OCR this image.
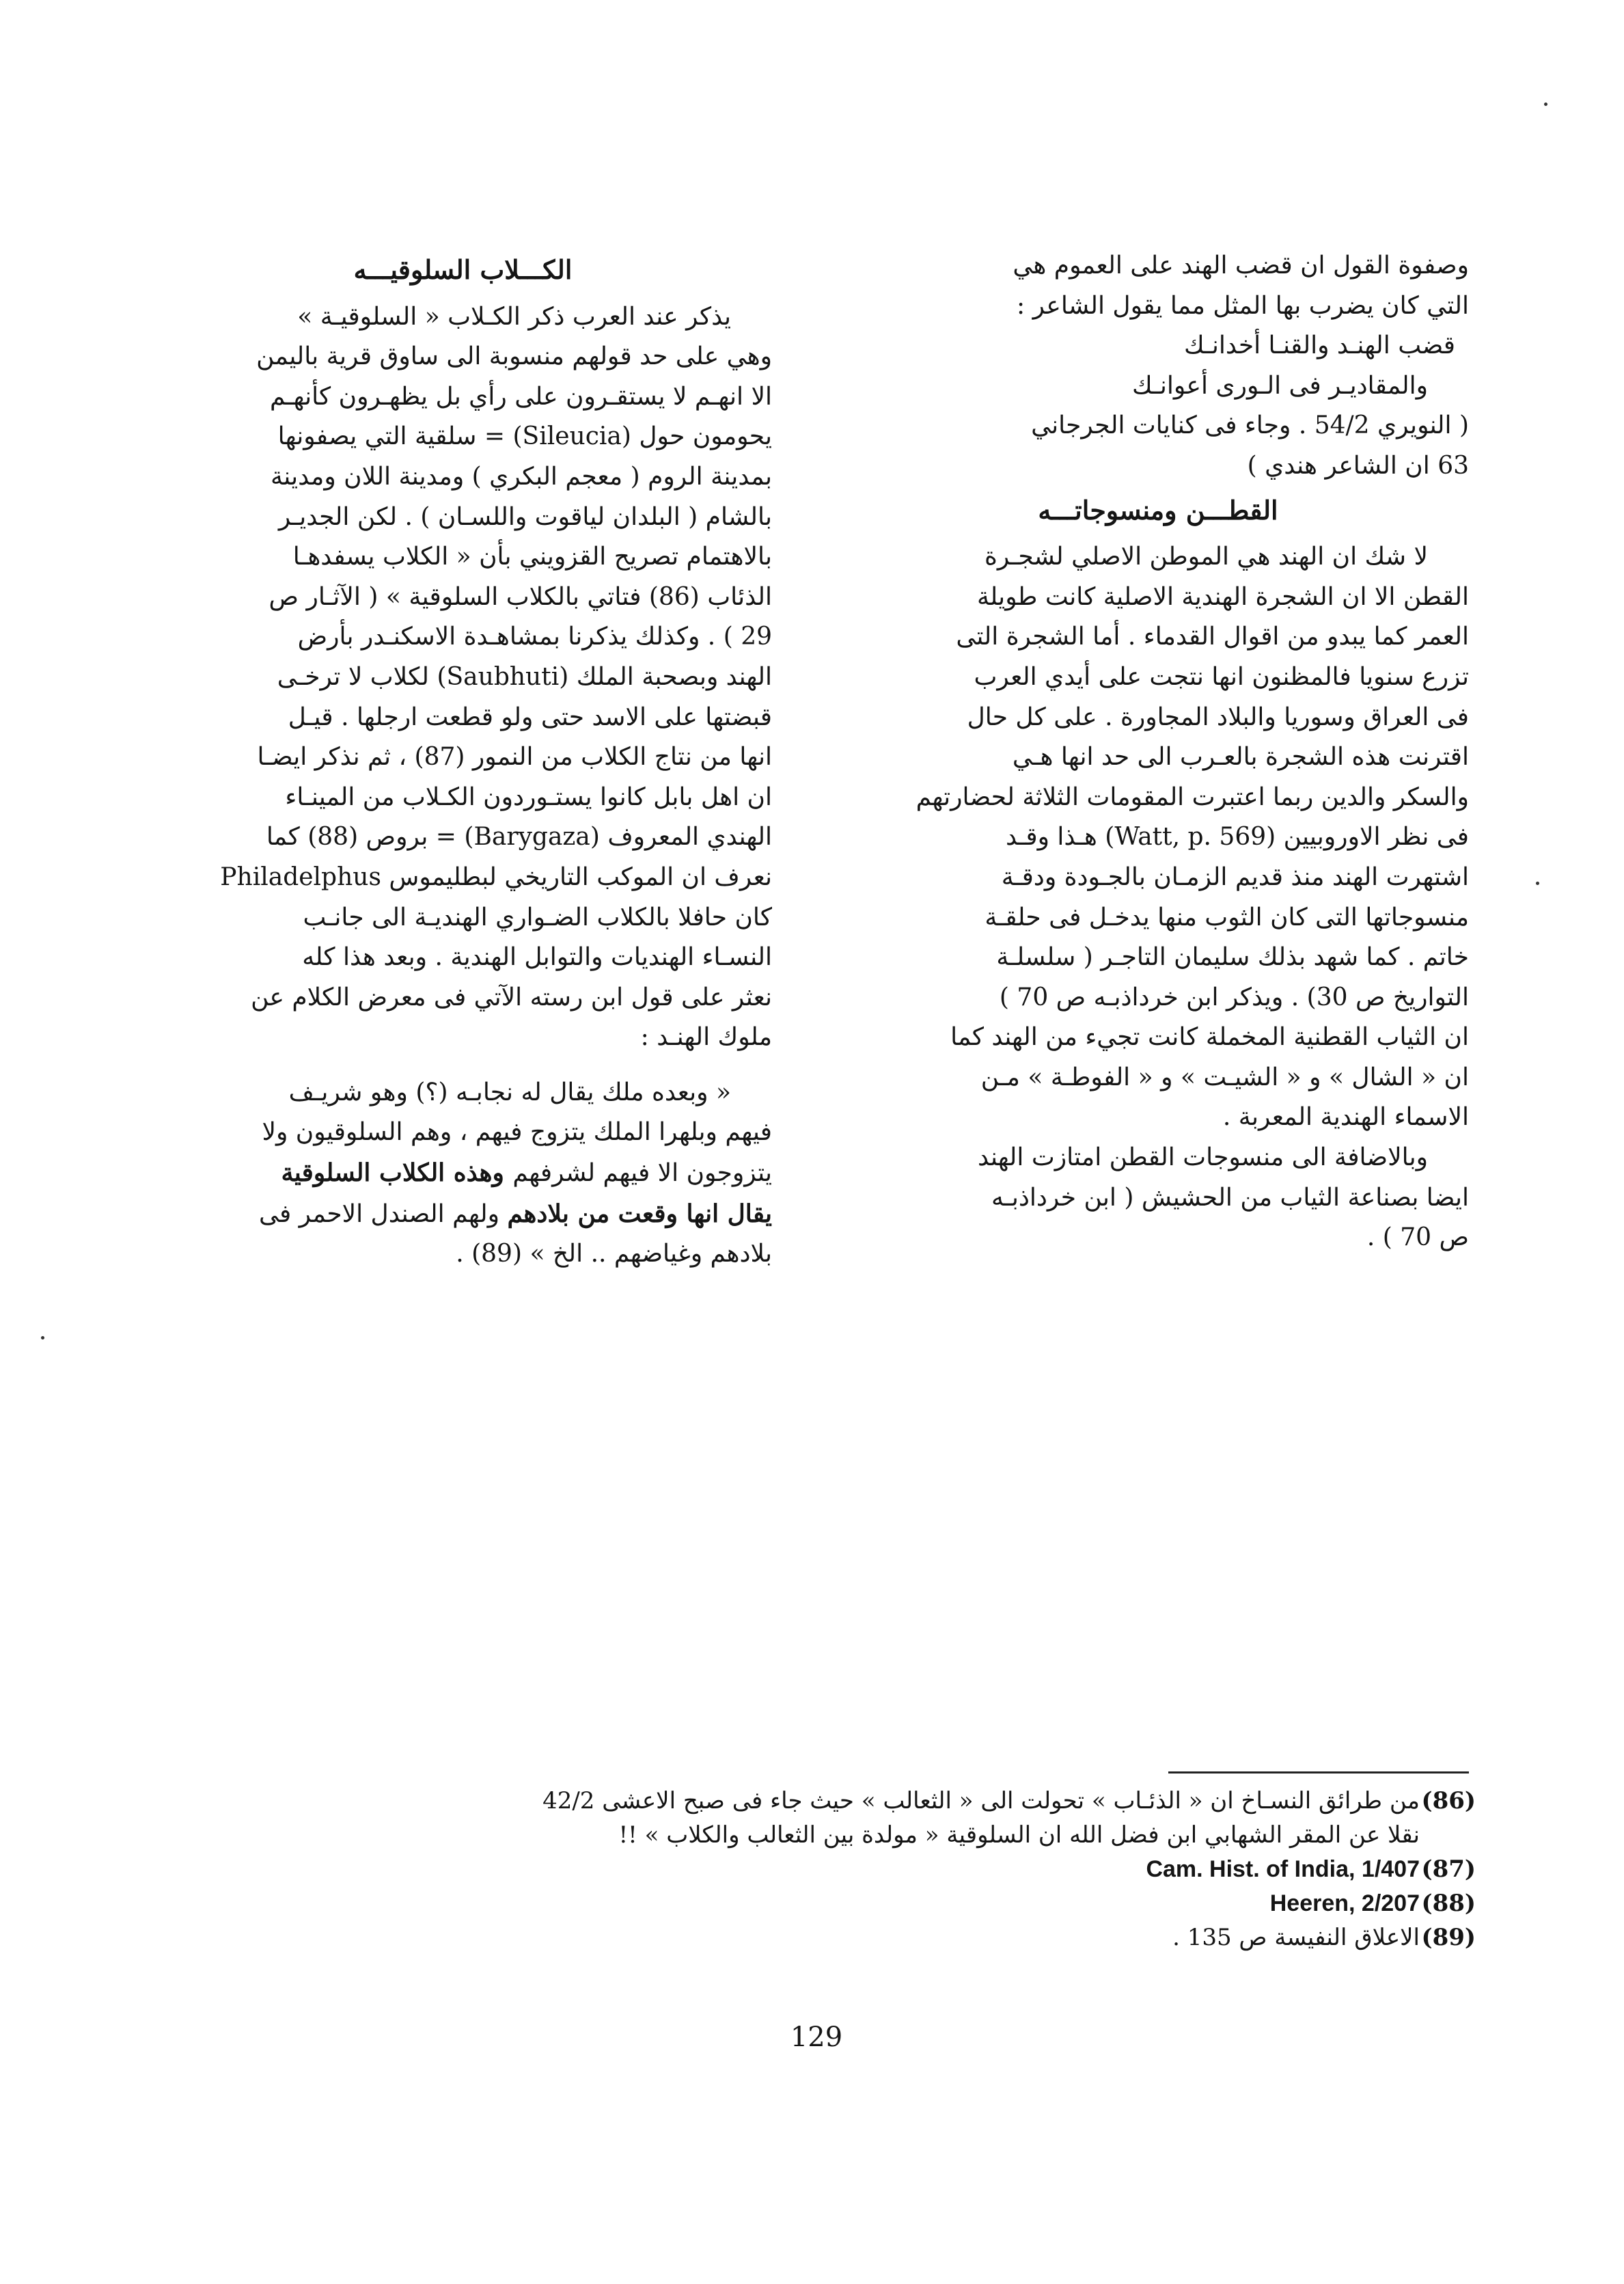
وصفوة القول ان قضب الهند على العموم هي
التي كان يضرب بها المثل مما يقول الشاعر :
قضب الهنـد والقنـا أخدانـك
والمقاديـر فى الـورى أعوانـك
( النويري 54/2 . وجاء فى كنايات الجرجاني
63 ان الشاعر هندي )
القطـــن ومنسوجاتـــه
لا شك ان الهند هي الموطن الاصلي لشجـرة
القطن الا ان الشجرة الهندية الاصلية كانت طويلة
العمر كما يبدو من اقوال القدماء . أما الشجرة التى
تزرع سنويا فالمظنون انها نتجت على أيدي العرب
فى العراق وسوريا والبلاد المجاورة . على كل حال
اقترنت هذه الشجرة بالعـرب الى حد انها هـي
والسكر والدين ربما اعتبرت المقومات الثلاثة لحضارتهم
فى نظر الاوروبيين (Watt, p. 569) هـذا وقـد
اشتهرت الهند منذ قديم الزمـان بالجـودة ودقـة
منسوجاتها التى كان الثوب منها يدخـل فى حلقـة
خاتم . كما شهد بذلك سليمان التاجـر ( سلسلـة
التواريخ ص 30) . ويذكر ابن خرداذبـه ص 70 )
ان الثياب القطنية المخملة كانت تجيء من الهند كما
ان « الشال » و « الشيـت » و « الفوطـة » مـن
الاسماء الهندية المعربة .
وبالاضافة الى منسوجات القطن امتازت الهند
ايضا بصناعة الثياب من الحشيش ( ابن خرداذبـه
ص 70 ) .
الكـــلاب السلوقيـــه
يذكر عند العرب ذكر الكـلاب « السلوقيـة »
وهي على حد قولهم منسوبة الى ساوق قرية باليمن
الا انهـم لا يستقـرون على رأي بل يظهـرون كأنهـم
يحومون حول (Sileucia) = سلقية التي يصفونها
بمدينة الروم ( معجم البكري ) ومدينة اللان ومدينة
بالشام ( البلدان لياقوت واللسـان ) . لكن الجديـر
بالاهتمام تصريح القزويني بأن « الكلاب يسفدهـا
الذئاب (86) فتاتي بالكلاب السلوقية » ( الآثـار ص
29 ) . وكذلك يذكرنا بمشاهـدة الاسكنـدر بأرض
الهند وبصحبة الملك (Saubhuti) لكلاب لا ترخـى
قبضتها على الاسد حتى ولو قطعت ارجلها . قيـل
انها من نتاج الكلاب من النمور (87) ، ثم نذكر ايضـا
ان اهل بابل كانوا يستـوردون الكـلاب من المينـاء
الهندي المعروف (Barygaza) = بروص (88) كما
نعرف ان الموكب التاريخي لبطليموس Philadelphus
كان حافلا بالكلاب الضـواري الهنديـة الى جانـب
النسـاء الهنديات والتوابل الهندية . وبعد هذا كله
نعثر على قول ابن رسته الآتي فى معرض الكلام عن
ملوك الهنـد :
« وبعده ملك يقال له نجابـه (؟) وهو شريـف
فيهم وبلهرا الملك يتزوج فيهم ، وهم السلوقيون ولا
يتزوجون الا فيهم لشرفهم وهذه الكلاب السلوقية
يقال انها وقعت من بلادهم ولهم الصندل الاحمر فى
بلادهم وغياضهم .. الخ » (89) .
(86)
من طرائق النسـاخ ان « الذئـاب » تحولت الى « الثعالب » حيث جاء فى صبح الاعشى 42/2
نقلا عن المقر الشهابي ابن فضل الله ان السلوقية « مولدة بين الثعالب والكلاب » !!
(87)
Cam. Hist. of India, 1/407
(88)
Heeren, 2/207
(89)
الاعلاق النفيسة ص 135 .
129
